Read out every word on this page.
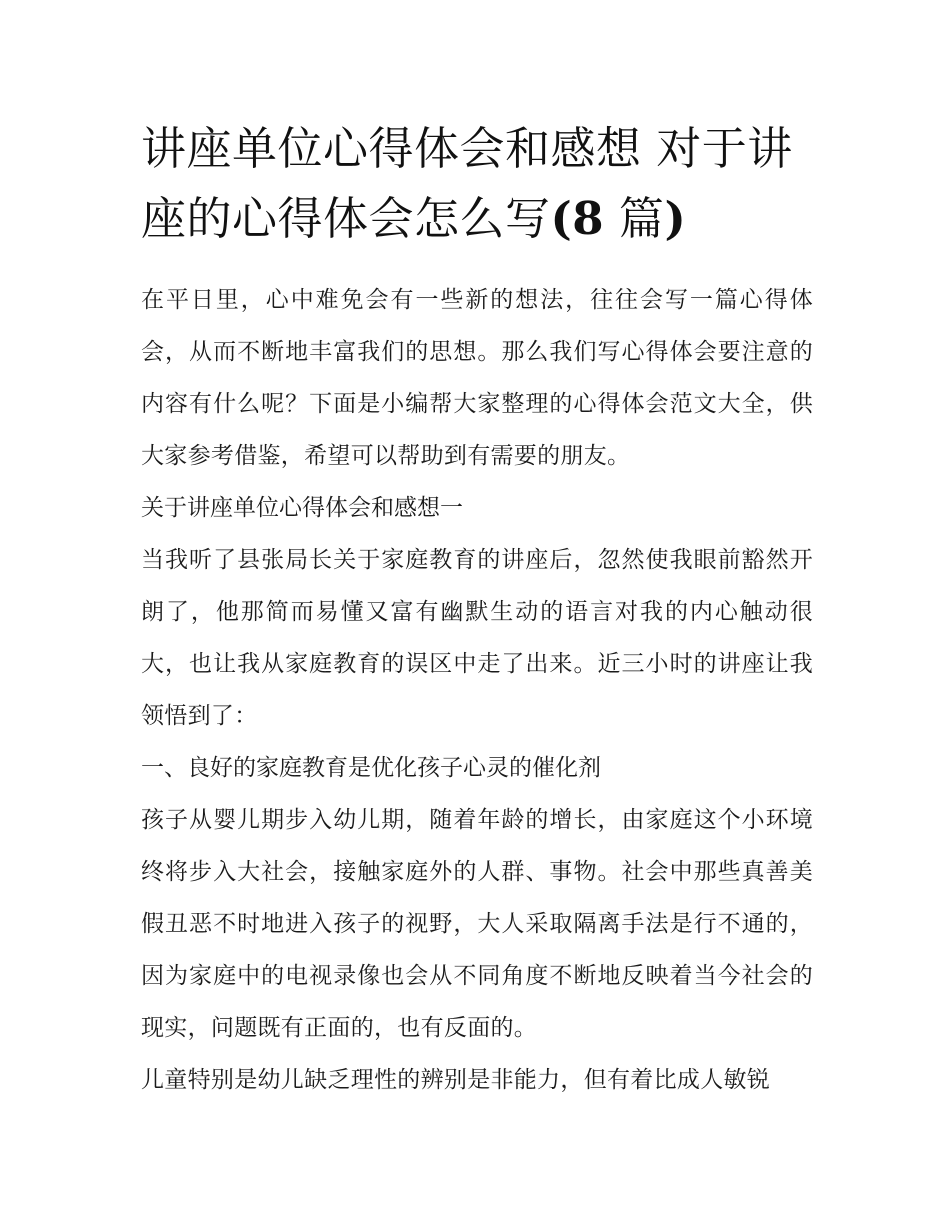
讲座单位心得体会和感想 对于讲座的心得体会怎么写(8 篇)

在平日里，心中难免会有一些新的想法，往往会写一篇心得体会，从而不断地丰富我们的思想。那么我们写心得体会要注意的内容有什么呢？下面是小编帮大家整理的心得体会范文大全，供大家参考借鉴，希望可以帮助到有需要的朋友。

关于讲座单位心得体会和感想一

当我听了县张局长关于家庭教育的讲座后，忽然使我眼前豁然开朗了，他那简而易懂又富有幽默生动的语言对我的内心触动很大，也让我从家庭教育的误区中走了出来。近三小时的讲座让我领悟到了：

一、良好的家庭教育是优化孩子心灵的催化剂

孩子从婴儿期步入幼儿期，随着年龄的增长，由家庭这个小环境终将步入大社会，接触家庭外的人群、事物。社会中那些真善美假丑恶不时地进入孩子的视野，大人采取隔离手法是行不通的，因为家庭中的电视录像也会从不同角度不断地反映着当今社会的现实，问题既有正面的，也有反面的。

儿童特别是幼儿缺乏理性的辨别是非能力，但有着比成人敏锐
